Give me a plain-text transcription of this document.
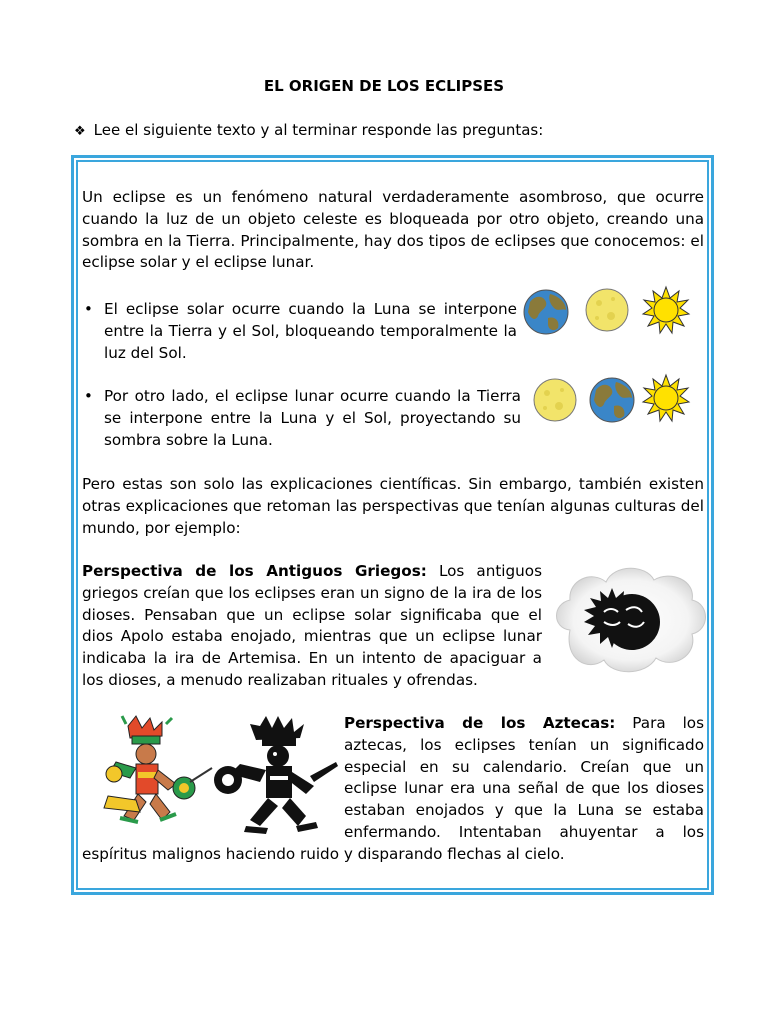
EL ORIGEN DE LOS ECLIPSES
❖ Lee el siguiente texto y al terminar responde las preguntas:
Un eclipse es un fenómeno natural verdaderamente asombroso, que ocurre cuando la luz de un objeto celeste es bloqueada por otro objeto, creando una sombra en la Tierra. Principalmente, hay dos tipos de eclipses que conocemos: el eclipse solar y el eclipse lunar.
• El eclipse solar ocurre cuando la Luna se interpone entre la Tierra y el Sol, bloqueando temporalmente la luz del Sol.
• Por otro lado, el eclipse lunar ocurre cuando la Tierra se interpone entre la Luna y el Sol, proyectando su sombra sobre la Luna.
Pero estas son solo las explicaciones científicas. Sin embargo, también existen otras explicaciones que retoman las perspectivas que tenían algunas culturas del mundo, por ejemplo:
Perspectiva de los Antiguos Griegos: Los antiguos griegos creían que los eclipses eran un signo de la ira de los dioses. Pensaban que un eclipse solar significaba que el dios Apolo estaba enojado, mientras que un eclipse lunar indicaba la ira de Artemisa. En un intento de apaciguar a los dioses, a menudo realizaban rituales y ofrendas.
Perspectiva de los Aztecas: Para los aztecas, los eclipses tenían un significado especial en su calendario. Creían que un eclipse lunar era una señal de que los dioses estaban enojados y que la Luna se estaba enfermando. Intentaban ahuyentar a los espíritus malignos haciendo ruido y disparando flechas al cielo.
